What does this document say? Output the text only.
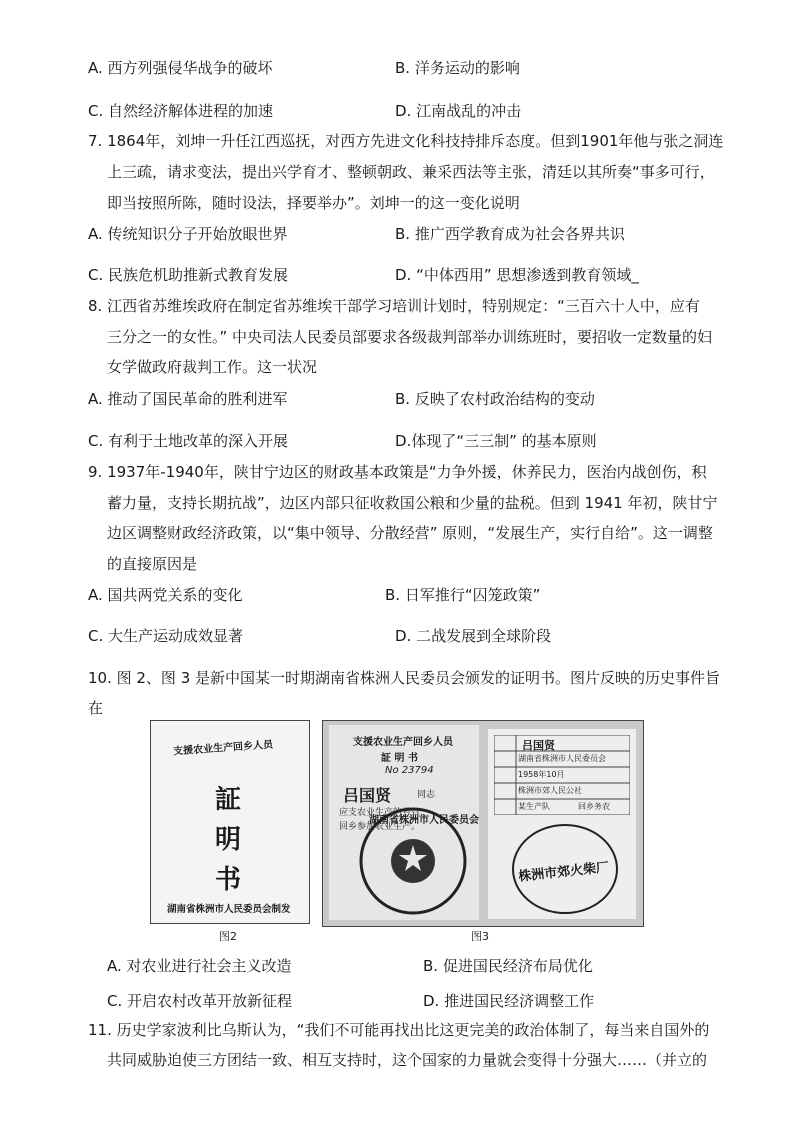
A. 西方列强侵华战争的破坏	B. 洋务运动的影响
C. 自然经济解体进程的加速	D. 江南战乱的冲击
7. 1864年，刘坤一升任江西巡抚，对西方先进文化科技持排斥态度。但到1901年他与张之洞连
上三疏，请求变法，提出兴学育才、整顿朝政、兼采西法等主张，清廷以其所奏“事多可行，
即当按照所陈，随时设法，择要举办”。刘坤一的这一变化说明
A. 传统知识分子开始放眼世界	B. 推广西学教育成为社会各界共识
C. 民族危机助推新式教育发展	D. “中体西用” 思想渗透到教育领域_
8. 江西省苏维埃政府在制定省苏维埃干部学习培训计划时，特别规定：“三百六十人中，应有
三分之一的女性。” 中央司法人民委员部要求各级裁判部举办训练班时，要招收一定数量的妇
女学做政府裁判工作。这一状况
A. 推动了国民革命的胜利进军	B. 反映了农村政治结构的变动
C. 有利于土地改革的深入开展	D.体现了“三三制” 的基本原则
9. 1937年-1940年，陕甘宁边区的财政基本政策是“力争外援，休养民力，医治内战创伤，积
蓄力量，支持长期抗战”，边区内部只征收救国公粮和少量的盐税。但到 1941 年初，陕甘宁
边区调整财政经济政策，以“集中领导、分散经营” 原则，“发展生产，实行自给”。这一调整
的直接原因是
A. 国共两党关系的变化	B. 日军推行“囚笼政策”
C. 大生产运动成效显著	D. 二战发展到全球阶段
10. 图 2、图 3 是新中国某一时期湖南省株洲人民委员会颁发的证明书。图片反映的历史事件旨
在
支援农业生产回乡人员
証
明
书
湖南省株洲市人民委员会制发
支援农业生产回乡人员
証 明 书
No 23794
吕国贤	同志
应支农业生产的号召，
回乡参加农业生产。
湖南省株洲市人民委员会
吕国贤
湖南省株洲市人民委员会
1958年10月
株洲市郊人民公社
某生产队	回乡务农
株洲市郊火柴厂
图2	图3
A. 对农业进行社会主义改造	B. 促进国民经济布局优化
C. 开启农村改革开放新征程	D. 推进国民经济调整工作
11. 历史学家波利比乌斯认为，“我们不可能再找出比这更完美的政治体制了，每当来自国外的
共同威胁迫使三方团结一致、相互支持时，这个国家的力量就会变得十分强大……（并立的
